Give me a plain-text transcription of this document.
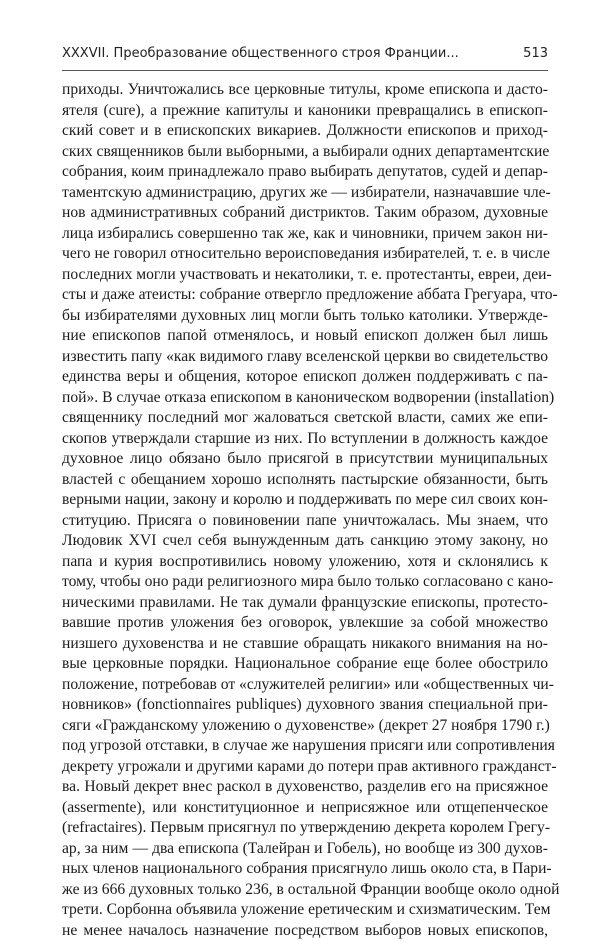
XXXVII. Преобразование общественного строя Франции...	513
приходы. Уничтожались все церковные титулы, кроме епископа и дасто-
ятеля (cure), а прежние капитулы и каноники превращались в епископ-
ский совет и в епископских викариев. Должности епископов и приход-
ских священников были выборными, а выбирали одних департаментские
собрания, коим принадлежало право выбирать депутатов, судей и депар-
таментскую администрацию, других же — избиратели, назначавшие чле-
нов административных собраний дистриктов. Таким образом, духовные
лица избирались совершенно так же, как и чиновники, причем закон ни-
чего не говорил относительно вероисповедания избирателей, т. е. в числе
последних могли участвовать и некатолики, т. е. протестанты, евреи, деи-
сты и даже атеисты: собрание отвергло предложение аббата Грегуара, что-
бы избирателями духовных лиц могли быть только католики. Утвержде-
ние епископов папой отменялось, и новый епископ должен был лишь
известить папу «как видимого главу вселенской церкви во свидетельство
единства веры и общения, которое епископ должен поддерживать с па-
пой». В случае отказа епископом в каноническом водворении (installation)
священнику последний мог жаловаться светской власти, самих же епи-
скопов утверждали старшие из них. По вступлении в должность каждое
духовное лицо обязано было присягой в присутствии муниципальных
властей с обещанием хорошо исполнять пастырские обязанности, быть
верными нации, закону и королю и поддерживать по мере сил своих кон-
ституцию. Присяга о повиновении папе уничтожалась. Мы знаем, что
Людовик XVI счел себя вынужденным дать санкцию этому закону, но
папа и курия воспротивились новому уложению, хотя и склонялись к
тому, чтобы оно ради религиозного мира было только согласовано с кано-
ническими правилами. Не так думали французские епископы, протесто-
вавшие против уложения без оговорок, увлекшие за собой множество
низшего духовенства и не ставшие обращать никакого внимания на но-
вые церковные порядки. Национальное собрание еще более обострило
положение, потребовав от «служителей религии» или «общественных чи-
новников» (fonctionnaires publiques) духовного звания специальной при-
сяги «Гражданскому уложению о духовенстве» (декрет 27 ноября 1790 г.)
под угрозой отставки, в случае же нарушения присяги или сопротивления
декрету угрожали и другими карами до потери прав активного гражданст-
ва. Новый декрет внес раскол в духовенство, разделив его на присяжное
(assermente), или конституционное и неприсяжное или отщепенческое
(refractaires). Первым присягнул по утверждению декрета королем Грегу-
ар, за ним — два епископа (Талейран и Гобель), но вообще из 300 духов-
ных членов национального собрания присягнуло лишь около ста, в Пари-
же из 666 духовных только 236, в остальной Франции вообще около одной
трети. Сорбонна объявила уложение еретическим и схизматическим. Тем
не менее началось назначение посредством выборов новых епископов,
